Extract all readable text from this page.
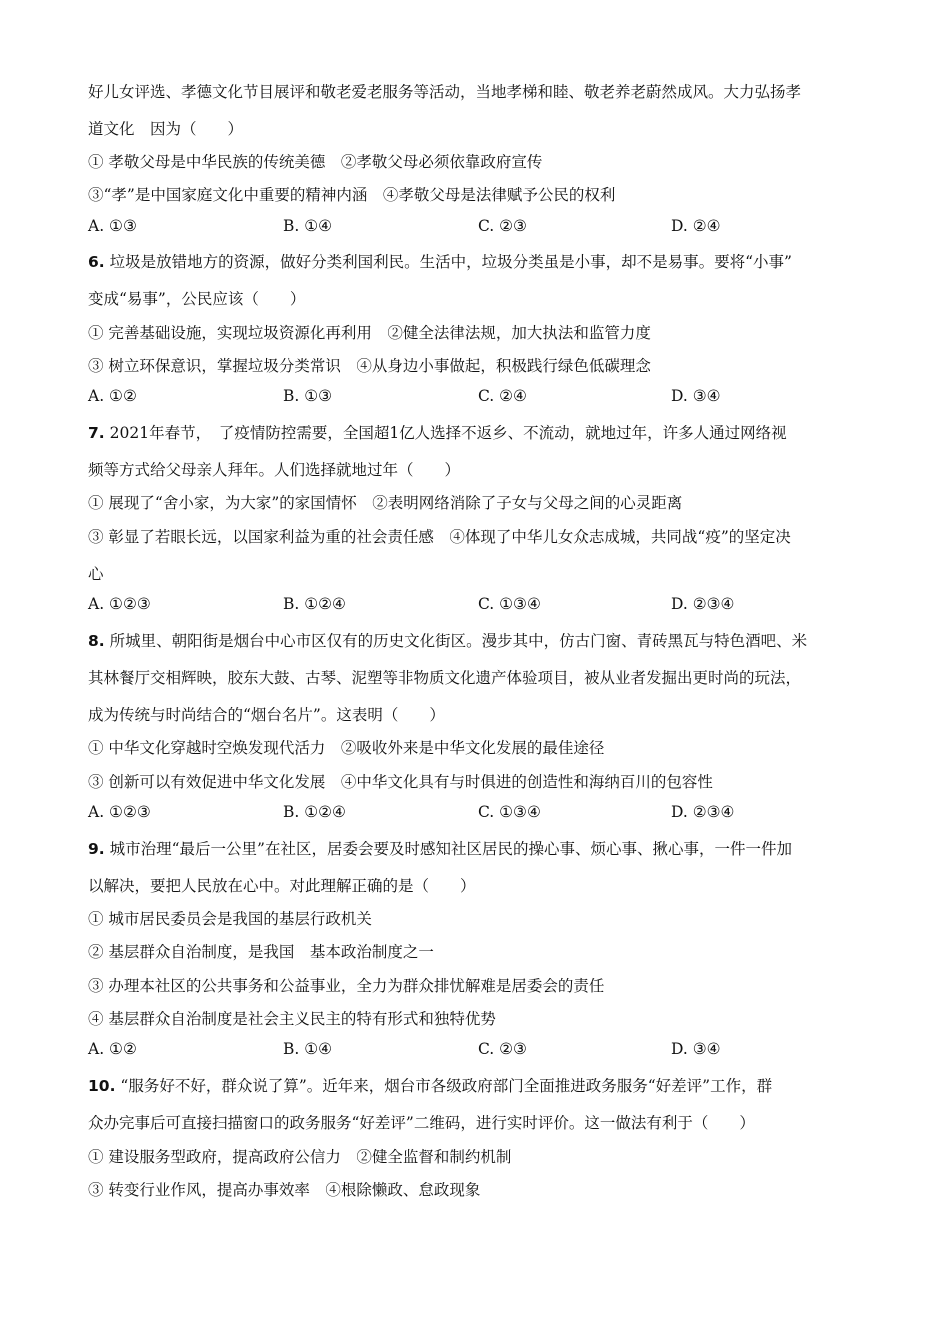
好儿女评选、孝德文化节目展评和敬老爱老服务等活动，当地孝梯和睦、敬老养老蔚然成风。大力弘扬孝
道文化　因为（　　）
① 孝敬父母是中华民族的传统美德　②孝敬父母必须依靠政府宣传
③“孝”是中国家庭文化中重要的精神内涵　④孝敬父母是法律赋予公民的权利
A. ①③	B. ①④	C. ②③	D. ②④
6. 垃圾是放错地方的资源，做好分类利国利民。生活中，垃圾分类虽是小事，却不是易事。要将“小事”
变成“易事”，公民应该（　　）
① 完善基础设施，实现垃圾资源化再利用　②健全法律法规，加大执法和监管力度
③ 树立环保意识，掌握垃圾分类常识　④从身边小事做起，积极践行绿色低碳理念
A. ①②	B. ①③	C. ②④	D. ③④
7. 2021年春节，　了疫情防控需要，全国超1亿人选择不返乡、不流动，就地过年，许多人通过网络视
频等方式给父母亲人拜年。人们选择就地过年（　　）
① 展现了“舍小家，为大家”的家国情怀　②表明网络消除了子女与父母之间的心灵距离
③ 彰显了若眼长远，以国家利益为重的社会责任感　④体现了中华儿女众志成城，共同战“疫”的坚定决
心
A. ①②③	B. ①②④	C. ①③④	D. ②③④
8. 所城里、朝阳街是烟台中心市区仅有的历史文化街区。漫步其中，仿古门窗、青砖黑瓦与特色酒吧、米
其林餐厅交相辉映，胶东大鼓、古琴、泥塑等非物质文化遗产体验项目，被从业者发掘出更时尚的玩法，
成为传统与时尚结合的“烟台名片”。这表明（　　）
① 中华文化穿越时空焕发现代活力　②吸收外来是中华文化发展的最佳途径
③ 创新可以有效促进中华文化发展　④中华文化具有与时俱进的创造性和海纳百川的包容性
A. ①②③	B. ①②④	C. ①③④	D. ②③④
9. 城市治理“最后一公里”在社区，居委会要及时感知社区居民的操心事、烦心事、揪心事，一件一件加
以解决，要把人民放在心中。对此理解正确的是（　　）
① 城市居民委员会是我国的基层行政机关
② 基层群众自治制度，是我国　基本政治制度之一
③ 办理本社区的公共事务和公益事业，全力为群众排忧解难是居委会的责任
④ 基层群众自治制度是社会主义民主的特有形式和独特优势
A. ①②	B. ①④	C. ②③	D. ③④
10. “服务好不好，群众说了算”。近年来，烟台市各级政府部门全面推进政务服务“好差评”工作，群
众办完事后可直接扫描窗口的政务服务“好差评”二维码，进行实时评价。这一做法有利于（　　）
① 建设服务型政府，提高政府公信力　②健全监督和制约机制
③ 转变行业作风，提高办事效率　④根除懒政、怠政现象
